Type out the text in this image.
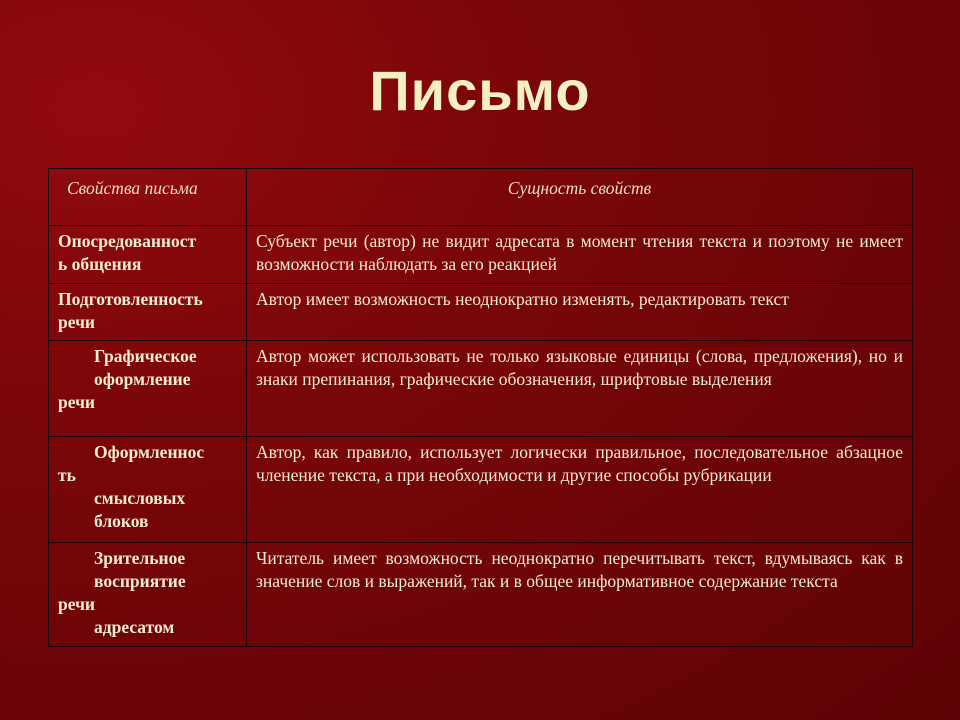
Письмо
Свойства письма	Сущность свойств

Опосредованност
ь общения	Субъект речи (автор) не видит адресата в момент чтения текста и поэтому не имеет возможности наблюдать за его реакцией

Подготовленность
речи	Автор имеет возможность неоднократно изменять, редактировать текст

Графическое
оформление
речи	Автор может использовать не только языковые единицы (слова, предложения), но и знаки препинания, графические обозначения, шрифтовые выделения

Оформленнос
ть
смысловых
блоков	Автор, как правило, использует логически правильное, последовательное абзацное членение текста, а при необходимости и другие способы рубрикации

Зрительное
восприятие
речи
адресатом	Читатель имеет возможность неоднократно перечитывать текст, вдумываясь как в значение слов и выражений, так и в общее информативное содержание текста
